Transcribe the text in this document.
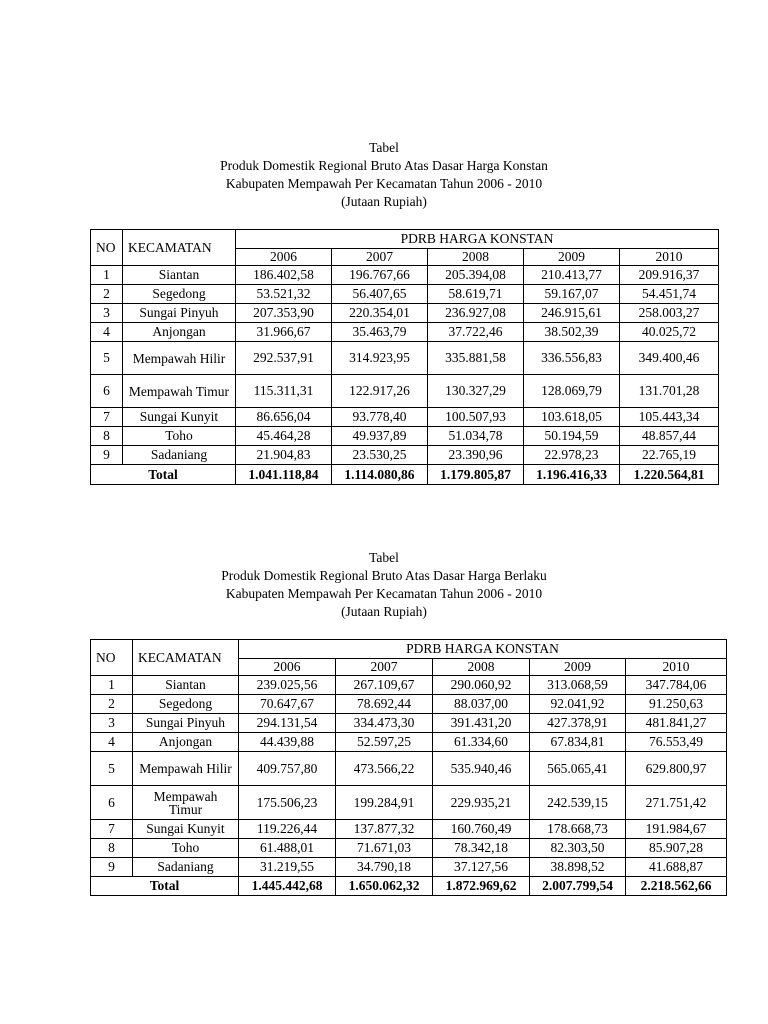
Tabel
Produk Domestik Regional Bruto Atas Dasar Harga Konstan
Kabupaten Mempawah Per Kecamatan Tahun 2006 - 2010
(Jutaan Rupiah)
NO	KECAMATAN	PDRB HARGA KONSTAN				
		2006	2007	2008	2009	2010
1	Siantan	186.402,58	196.767,66	205.394,08	210.413,77	209.916,37
2	Segedong	53.521,32	56.407,65	58.619,71	59.167,07	54.451,74
3	Sungai Pinyuh	207.353,90	220.354,01	236.927,08	246.915,61	258.003,27
4	Anjongan	31.966,67	35.463,79	37.722,46	38.502,39	40.025,72
5	Mempawah Hilir	292.537,91	314.923,95	335.881,58	336.556,83	349.400,46
6	Mempawah Timur	115.311,31	122.917,26	130.327,29	128.069,79	131.701,28
7	Sungai Kunyit	86.656,04	93.778,40	100.507,93	103.618,05	105.443,34
8	Toho	45.464,28	49.937,89	51.034,78	50.194,59	48.857,44
9	Sadaniang	21.904,83	23.530,25	23.390,96	22.978,23	22.765,19
Total		1.041.118,84	1.114.080,86	1.179.805,87	1.196.416,33	1.220.564,81
Tabel
Produk Domestik Regional Bruto Atas Dasar Harga Berlaku
Kabupaten Mempawah Per Kecamatan Tahun 2006 - 2010
(Jutaan Rupiah)
NO	KECAMATAN	PDRB HARGA KONSTAN				
		2006	2007	2008	2009	2010
1	Siantan	239.025,56	267.109,67	290.060,92	313.068,59	347.784,06
2	Segedong	70.647,67	78.692,44	88.037,00	92.041,92	91.250,63
3	Sungai Pinyuh	294.131,54	334.473,30	391.431,20	427.378,91	481.841,27
4	Anjongan	44.439,88	52.597,25	61.334,60	67.834,81	76.553,49
5	Mempawah Hilir	409.757,80	473.566,22	535.940,46	565.065,41	629.800,97
6	Mempawah Timur	175.506,23	199.284,91	229.935,21	242.539,15	271.751,42
7	Sungai Kunyit	119.226,44	137.877,32	160.760,49	178.668,73	191.984,67
8	Toho	61.488,01	71.671,03	78.342,18	82.303,50	85.907,28
9	Sadaniang	31.219,55	34.790,18	37.127,56	38.898,52	41.688,87
Total		1.445.442,68	1.650.062,32	1.872.969,62	2.007.799,54	2.218.562,66
